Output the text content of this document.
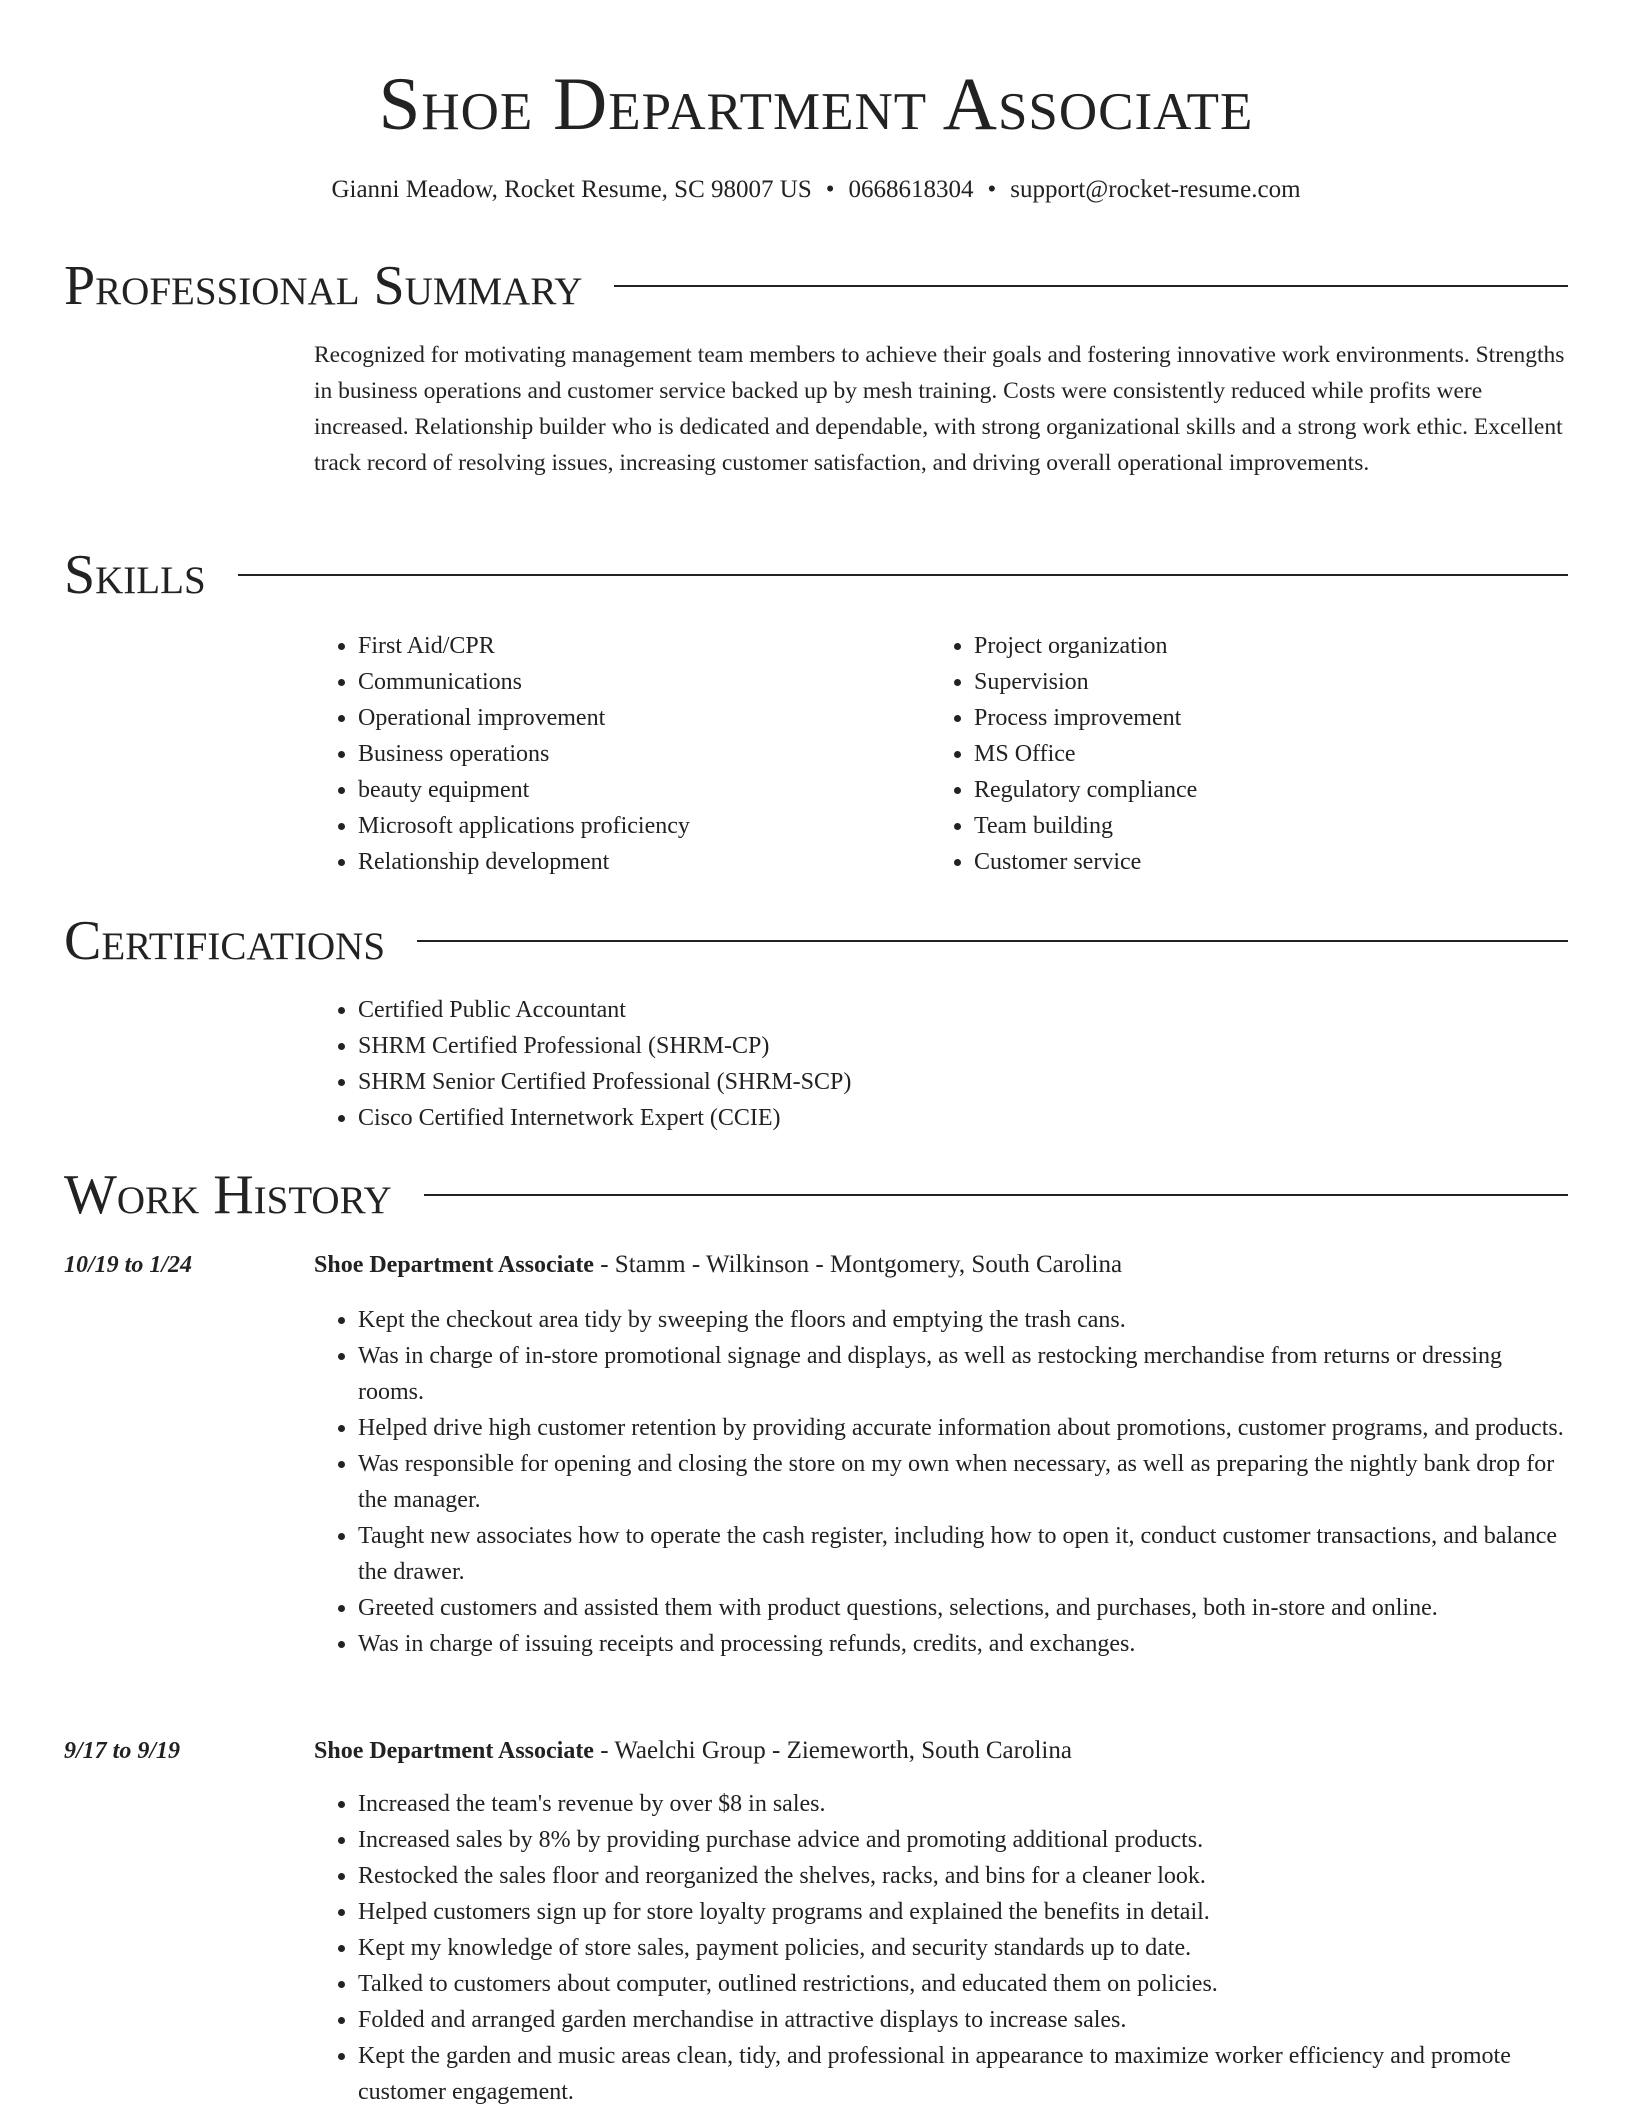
Shoe Department Associate
Gianni Meadow, Rocket Resume, SC 98007 US • 0668618304 • support@rocket-resume.com
Professional Summary

Recognized for motivating management team members to achieve their goals and fostering innovative work environments. Strengths in business operations and customer service backed up by mesh training. Costs were consistently reduced while profits were increased. Relationship builder who is dedicated and dependable, with strong organizational skills and a strong work ethic. Excellent track record of resolving issues, increasing customer satisfaction, and driving overall operational improvements.

Skills
• First Aid/CPR
• Communications
• Operational improvement
• Business operations
• beauty equipment
• Microsoft applications proficiency
• Relationship development
• Project organization
• Supervision
• Process improvement
• MS Office
• Regulatory compliance
• Team building
• Customer service
Certifications
• Certified Public Accountant
• SHRM Certified Professional (SHRM-CP)
• SHRM Senior Certified Professional (SHRM-SCP)
• Cisco Certified Internetwork Expert (CCIE)
Work History
10/19 to 1/24	Shoe Department Associate - Stamm - Wilkinson - Montgomery, South Carolina
• Kept the checkout area tidy by sweeping the floors and emptying the trash cans.
• Was in charge of in-store promotional signage and displays, as well as restocking merchandise from returns or dressing rooms.
• Helped drive high customer retention by providing accurate information about promotions, customer programs, and products.
• Was responsible for opening and closing the store on my own when necessary, as well as preparing the nightly bank drop for the manager.
• Taught new associates how to operate the cash register, including how to open it, conduct customer transactions, and balance the drawer.
• Greeted customers and assisted them with product questions, selections, and purchases, both in-store and online.
• Was in charge of issuing receipts and processing refunds, credits, and exchanges.
9/17 to 9/19	Shoe Department Associate - Waelchi Group - Ziemeworth, South Carolina
• Increased the team's revenue by over $8 in sales.
• Increased sales by 8% by providing purchase advice and promoting additional products.
• Restocked the sales floor and reorganized the shelves, racks, and bins for a cleaner look.
• Helped customers sign up for store loyalty programs and explained the benefits in detail.
• Kept my knowledge of store sales, payment policies, and security standards up to date.
• Talked to customers about computer, outlined restrictions, and educated them on policies.
• Folded and arranged garden merchandise in attractive displays to increase sales.
• Kept the garden and music areas clean, tidy, and professional in appearance to maximize worker efficiency and promote customer engagement.
